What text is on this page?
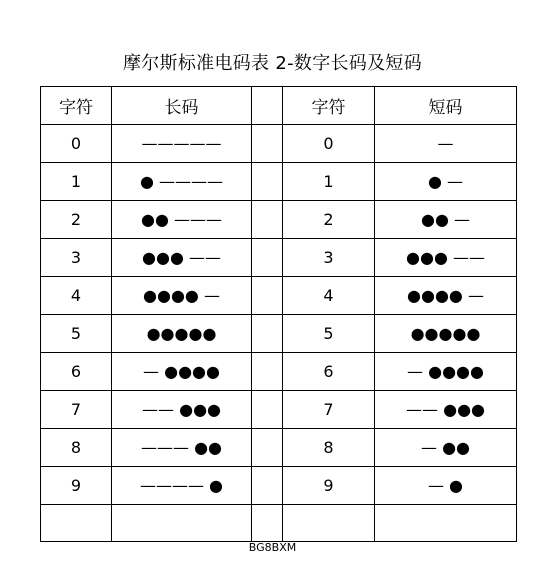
摩尔斯标准电码表 2-数字长码及短码
字符	长码		字符	短码
0	—————		0	—
1	● ————		1	● —
2	●● ———		2	●● —
3	●●● ——		3	●●● ——
4	●●●● —		4	●●●● —
5	●●●●●		5	●●●●●
6	— ●●●●		6	— ●●●●
7	—— ●●●		7	—— ●●●
8	——— ●●		8	— ●●
9	———— ●		9	— ●

BG8BXM
